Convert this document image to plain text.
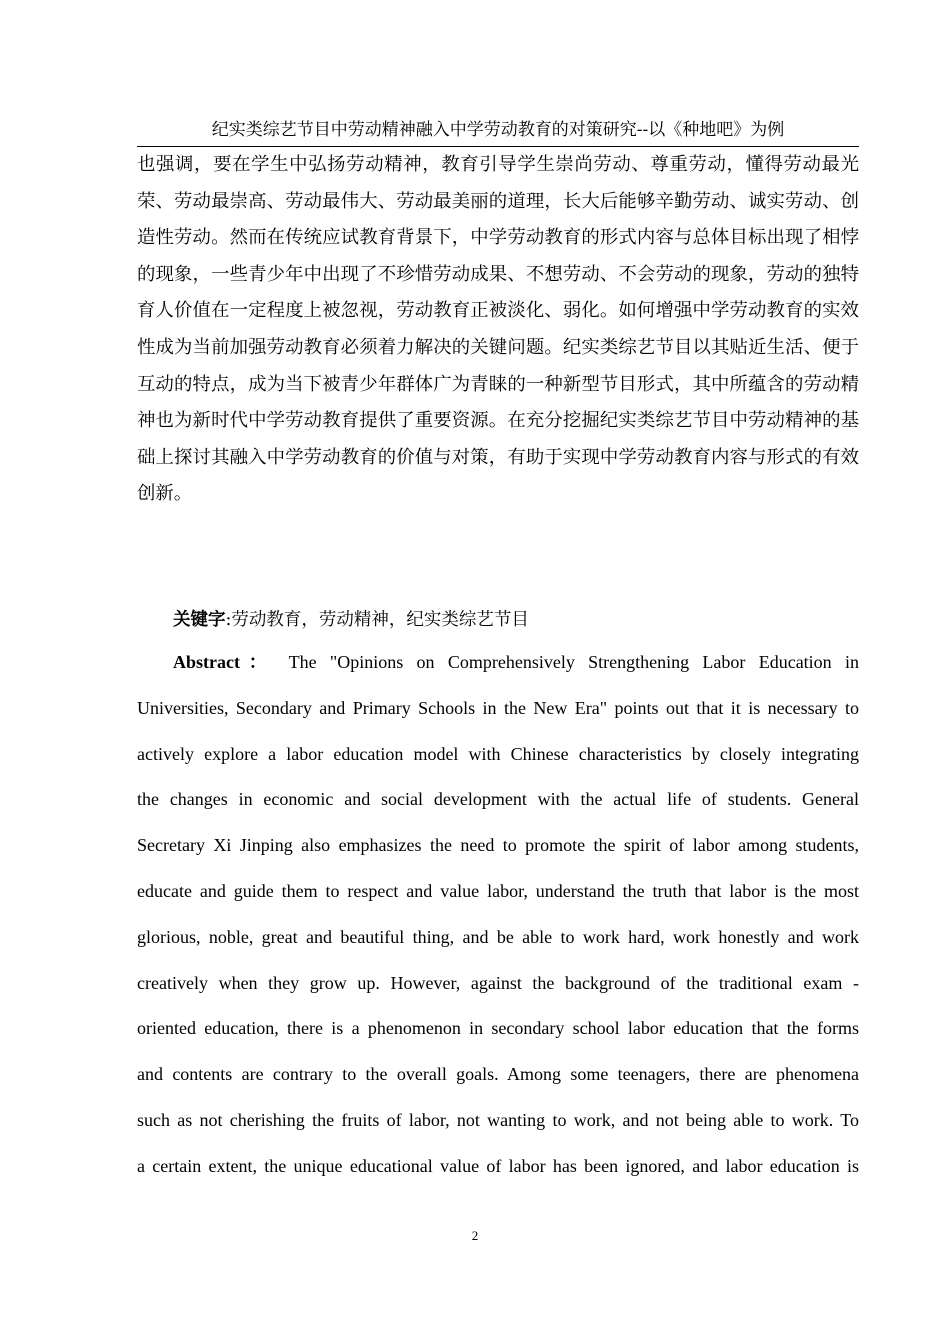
纪实类综艺节目中劳动精神融入中学劳动教育的对策研究--以《种地吧》为例

也强调，要在学生中弘扬劳动精神，教育引导学生崇尚劳动、尊重劳动，懂得劳动最光荣、劳动最崇高、劳动最伟大、劳动最美丽的道理，长大后能够辛勤劳动、诚实劳动、创造性劳动。然而在传统应试教育背景下，中学劳动教育的形式内容与总体目标出现了相悖的现象，一些青少年中出现了不珍惜劳动成果、不想劳动、不会劳动的现象，劳动的独特育人价值在一定程度上被忽视，劳动教育正被淡化、弱化。如何增强中学劳动教育的实效性成为当前加强劳动教育必须着力解决的关键问题。纪实类综艺节目以其贴近生活、便于互动的特点，成为当下被青少年群体广为青睐的一种新型节目形式，其中所蕴含的劳动精神也为新时代中学劳动教育提供了重要资源。在充分挖掘纪实类综艺节目中劳动精神的基础上探讨其融入中学劳动教育的价值与对策，有助于实现中学劳动教育内容与形式的有效创新。

关键字:劳动教育，劳动精神，纪实类综艺节目
Abstract： The "Opinions on Comprehensively Strengthening Labor Education in
Universities, Secondary and Primary Schools in the New Era" points out that it is necessary to
actively explore a labor education model with Chinese characteristics by closely integrating
the changes in economic and social development with the actual life of students. General
Secretary Xi Jinping also emphasizes the need to promote the spirit of labor among students,
educate and guide them to respect and value labor, understand the truth that labor is the most
glorious, noble, great and beautiful thing, and be able to work hard, work honestly and work
creatively when they grow up. However, against the background of the traditional exam -
oriented education, there is a phenomenon in secondary school labor education that the forms
and contents are contrary to the overall goals. Among some teenagers, there are phenomena
such as not cherishing the fruits of labor, not wanting to work, and not being able to work. To
a certain extent, the unique educational value of labor has been ignored, and labor education is
2
